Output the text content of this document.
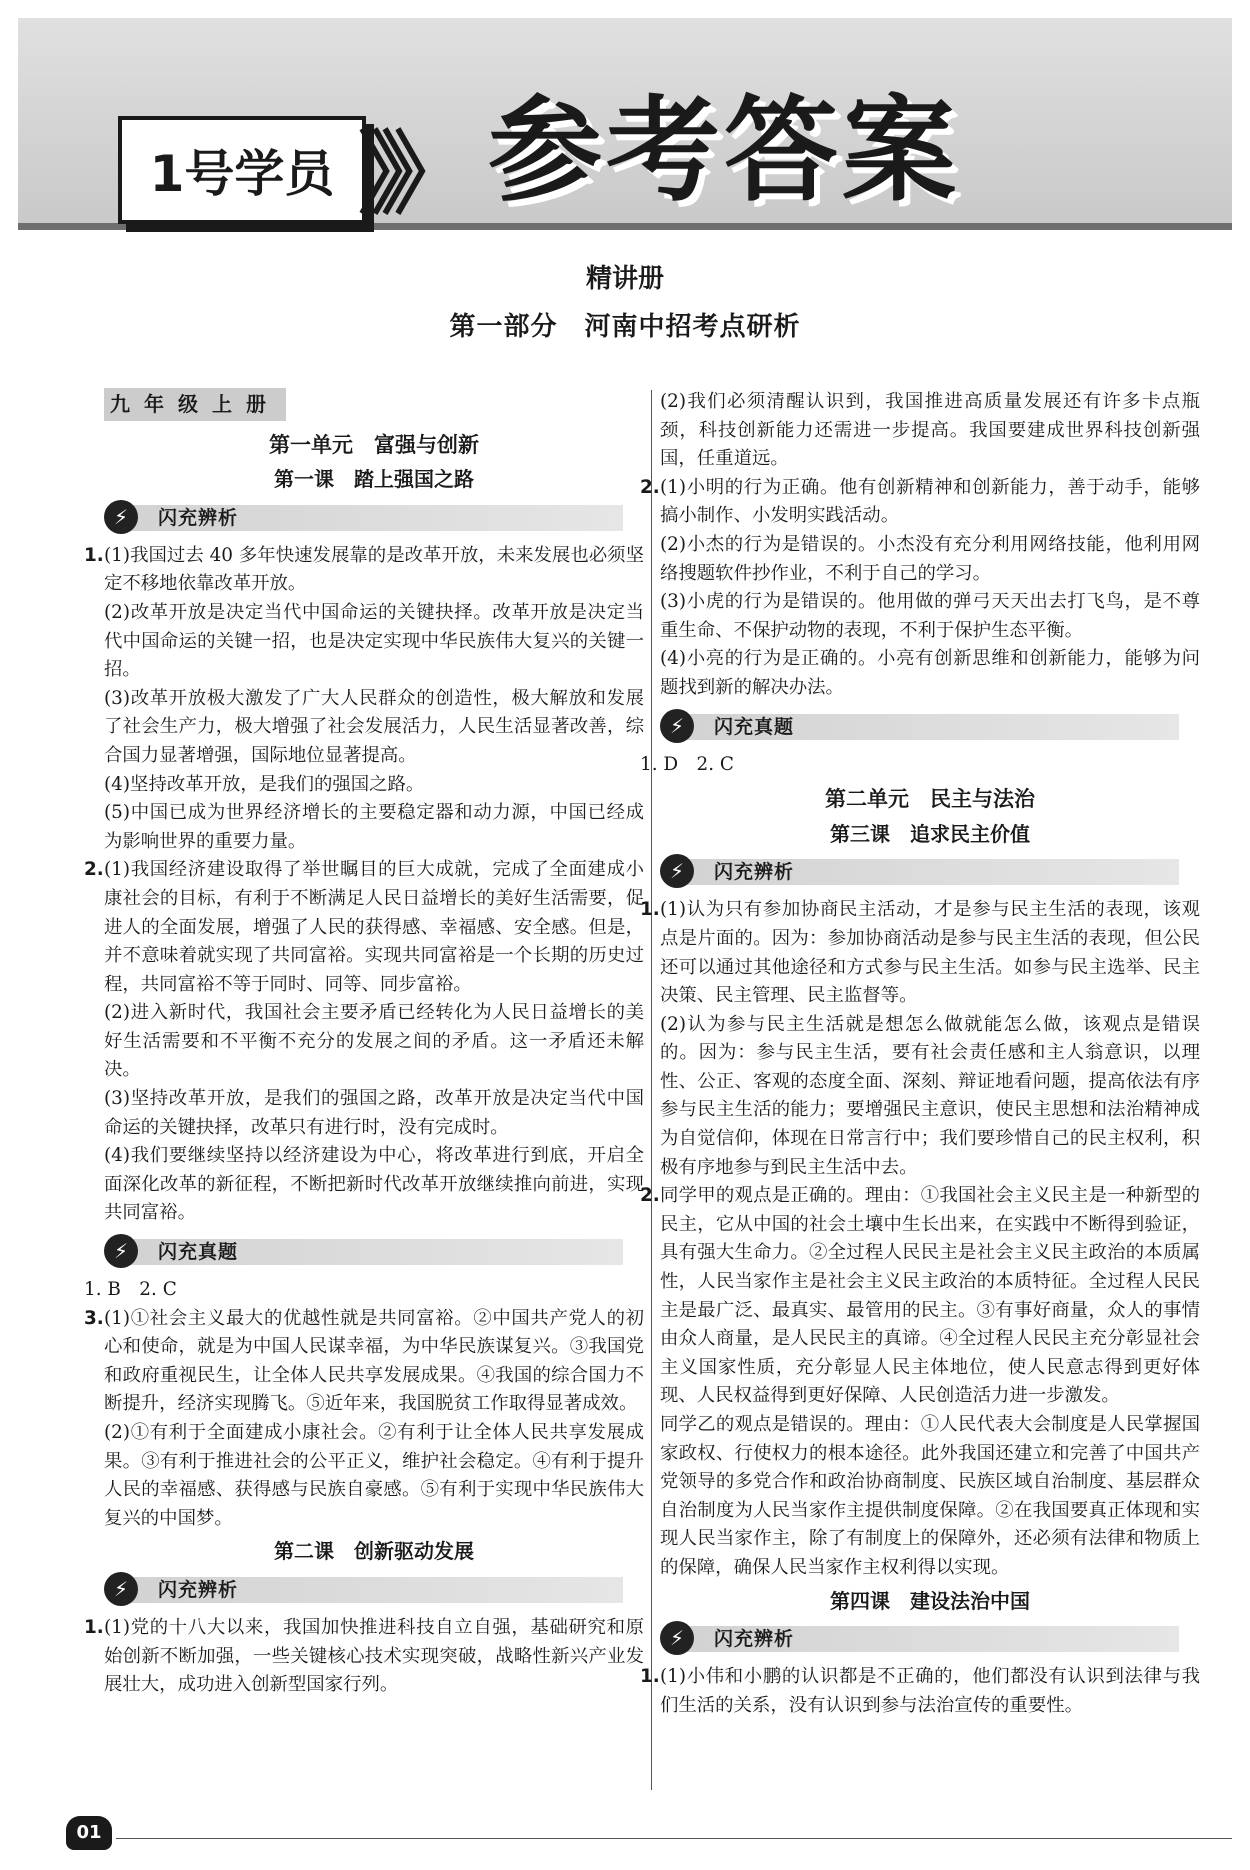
1号学员 》》 参考答案
精讲册
第一部分　河南中招考点研析
九年级上册
第一单元　富强与创新
第一课　踏上强国之路
⚡	闪充辨析
1. (1)我国过去 40 多年快速发展靠的是改革开放，未来发展也必须坚定不移地依靠改革开放。
(2)改革开放是决定当代中国命运的关键抉择。改革开放是决定当代中国命运的关键一招，也是决定实现中华民族伟大复兴的关键一招。
(3)改革开放极大激发了广大人民群众的创造性，极大解放和发展了社会生产力，极大增强了社会发展活力，人民生活显著改善，综合国力显著增强，国际地位显著提高。
(4)坚持改革开放，是我们的强国之路。
(5)中国已成为世界经济增长的主要稳定器和动力源，中国已经成为影响世界的重要力量。
2. (1)我国经济建设取得了举世瞩目的巨大成就，完成了全面建成小康社会的目标，有利于不断满足人民日益增长的美好生活需要，促进人的全面发展，增强了人民的获得感、幸福感、安全感。但是，并不意味着就实现了共同富裕。实现共同富裕是一个长期的历史过程，共同富裕不等于同时、同等、同步富裕。
(2)进入新时代，我国社会主要矛盾已经转化为人民日益增长的美好生活需要和不平衡不充分的发展之间的矛盾。这一矛盾还未解决。
(3)坚持改革开放，是我们的强国之路，改革开放是决定当代中国命运的关键抉择，改革只有进行时，没有完成时。
(4)我们要继续坚持以经济建设为中心，将改革进行到底，开启全面深化改革的新征程，不断把新时代改革开放继续推向前进，实现共同富裕。
⚡	闪充真题
1. B　2. C
3. (1)①社会主义最大的优越性就是共同富裕。②中国共产党人的初心和使命，就是为中国人民谋幸福，为中华民族谋复兴。③我国党和政府重视民生，让全体人民共享发展成果。④我国的综合国力不断提升，经济实现腾飞。⑤近年来，我国脱贫工作取得显著成效。
(2)①有利于全面建成小康社会。②有利于让全体人民共享发展成果。③有利于推进社会的公平正义，维护社会稳定。④有利于提升人民的幸福感、获得感与民族自豪感。⑤有利于实现中华民族伟大复兴的中国梦。
第二课　创新驱动发展
⚡	闪充辨析
1. (1)党的十八大以来，我国加快推进科技自立自强，基础研究和原始创新不断加强，一些关键核心技术实现突破，战略性新兴产业发展壮大，成功进入创新型国家行列。
(2)我们必须清醒认识到，我国推进高质量发展还有许多卡点瓶颈，科技创新能力还需进一步提高。我国要建成世界科技创新强国，任重道远。
2. (1)小明的行为正确。他有创新精神和创新能力，善于动手，能够搞小制作、小发明实践活动。
(2)小杰的行为是错误的。小杰没有充分利用网络技能，他利用网络搜题软件抄作业，不利于自己的学习。
(3)小虎的行为是错误的。他用做的弹弓天天出去打飞鸟，是不尊重生命、不保护动物的表现，不利于保护生态平衡。
(4)小亮的行为是正确的。小亮有创新思维和创新能力，能够为问题找到新的解决办法。
⚡	闪充真题
1. D　2. C
第二单元　民主与法治
第三课　追求民主价值
⚡	闪充辨析
1. (1)认为只有参加协商民主活动，才是参与民主生活的表现，该观点是片面的。因为：参加协商活动是参与民主生活的表现，但公民还可以通过其他途径和方式参与民主生活。如参与民主选举、民主决策、民主管理、民主监督等。
(2)认为参与民主生活就是想怎么做就能怎么做，该观点是错误的。因为：参与民主生活，要有社会责任感和主人翁意识，以理性、公正、客观的态度全面、深刻、辩证地看问题，提高依法有序参与民主生活的能力；要增强民主意识，使民主思想和法治精神成为自觉信仰，体现在日常言行中；我们要珍惜自己的民主权利，积极有序地参与到民主生活中去。
2. 同学甲的观点是正确的。理由：①我国社会主义民主是一种新型的民主，它从中国的社会土壤中生长出来，在实践中不断得到验证，具有强大生命力。②全过程人民民主是社会主义民主政治的本质属性，人民当家作主是社会主义民主政治的本质特征。全过程人民民主是最广泛、最真实、最管用的民主。③有事好商量，众人的事情由众人商量，是人民民主的真谛。④全过程人民民主充分彰显社会主义国家性质，充分彰显人民主体地位，使人民意志得到更好体现、人民权益得到更好保障、人民创造活力进一步激发。
同学乙的观点是错误的。理由：①人民代表大会制度是人民掌握国家政权、行使权力的根本途径。此外我国还建立和完善了中国共产党领导的多党合作和政治协商制度、民族区域自治制度、基层群众自治制度为人民当家作主提供制度保障。②在我国要真正体现和实现人民当家作主，除了有制度上的保障外，还必须有法律和物质上的保障，确保人民当家作主权利得以实现。
第四课　建设法治中国
⚡	闪充辨析
1. (1)小伟和小鹏的认识都是不正确的，他们都没有认识到法律与我们生活的关系，没有认识到参与法治宣传的重要性。
01
